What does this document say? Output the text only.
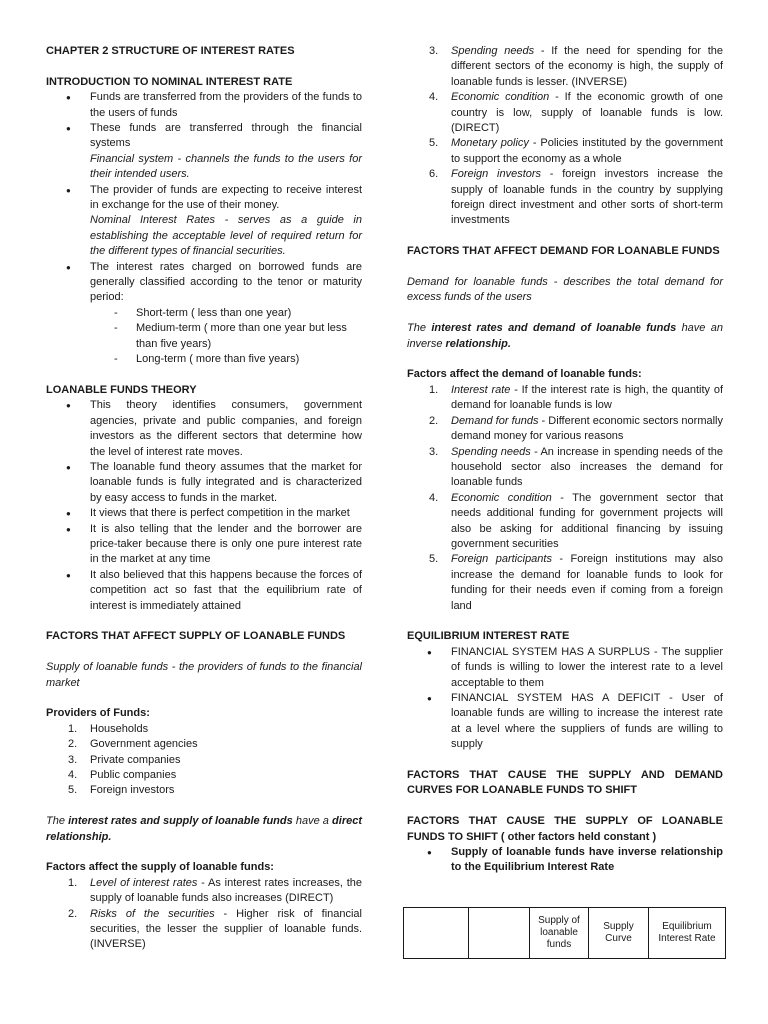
CHAPTER 2 STRUCTURE OF INTEREST RATES
INTRODUCTION TO NOMINAL INTEREST RATE
● Funds are transferred from the providers of the funds to the users of funds
● These funds are transferred through the financial systems
Financial system - channels the funds to the users for their intended users.
● The provider of funds are expecting to receive interest in exchange for the use of their money.
Nominal Interest Rates - serves as a guide in establishing the acceptable level of required return for the different types of financial securities.
● The interest rates charged on borrowed funds are generally classified according to the tenor or maturity period:
- Short-term ( less than one year)
- Medium-term ( more than one year but less than five years)
- Long-term ( more than five years)
LOANABLE FUNDS THEORY
● This theory identifies consumers, government agencies, private and public companies, and foreign investors as the different sectors that determine how the level of interest rate moves.
● The loanable fund theory assumes that the market for loanable funds is fully integrated and is characterized by easy access to funds in the market.
● It views that there is perfect competition in the market
● It is also telling that the lender and the borrower are price-taker because there is only one pure interest rate in the market at any time
● It also believed that this happens because the forces of competition act so fast that the equilibrium rate of interest is immediately attained
FACTORS THAT AFFECT SUPPLY OF LOANABLE FUNDS
Supply of loanable funds - the providers of funds to the financial market
Providers of Funds:
1. Households
2. Government agencies
3. Private companies
4. Public companies
5. Foreign investors
The interest rates and supply of loanable funds have a direct relationship.
Factors affect the supply of loanable funds:
1. Level of interest rates - As interest rates increases, the supply of loanable funds also increases (DIRECT)
2. Risks of the securities - Higher risk of financial securities, the lesser the supplier of loanable funds. (INVERSE)
3. Spending needs - If the need for spending for the different sectors of the economy is high, the supply of loanable funds is lesser. (INVERSE)
4. Economic condition - If the economic growth of one country is low, supply of loanable funds is low. (DIRECT)
5. Monetary policy - Policies instituted by the government to support the economy as a whole
6. Foreign investors - foreign investors increase the supply of loanable funds in the country by supplying foreign direct investment and other sorts of short-term investments
FACTORS THAT AFFECT DEMAND FOR LOANABLE FUNDS
Demand for loanable funds - describes the total demand for excess funds of the users
The interest rates and demand of loanable funds have an inverse relationship.
Factors affect the demand of loanable funds:
1. Interest rate - If the interest rate is high, the quantity of demand for loanable funds is low
2. Demand for funds - Different economic sectors normally demand money for various reasons
3. Spending needs - An increase in spending needs of the household sector also increases the demand for loanable funds
4. Economic condition - The government sector that needs additional funding for government projects will also be asking for additional financing by issuing government securities
5. Foreign participants - Foreign institutions may also increase the demand for loanable funds to look for funding for their needs even if coming from a foreign land
EQUILIBRIUM INTEREST RATE
● FINANCIAL SYSTEM HAS A SURPLUS - The supplier of funds is willing to lower the interest rate to a level acceptable to them
● FINANCIAL SYSTEM HAS A DEFICIT - User of loanable funds are willing to increase the interest rate at a level where the suppliers of funds are willing to supply
FACTORS THAT CAUSE THE SUPPLY AND DEMAND CURVES FOR LOANABLE FUNDS TO SHIFT
FACTORS THAT CAUSE THE SUPPLY OF LOANABLE FUNDS TO SHIFT ( other factors held constant )
● Supply of loanable funds have inverse relationship to the Equilibrium Interest Rate
		Supply of loanable funds	Supply Curve	Equilibrium Interest Rate
